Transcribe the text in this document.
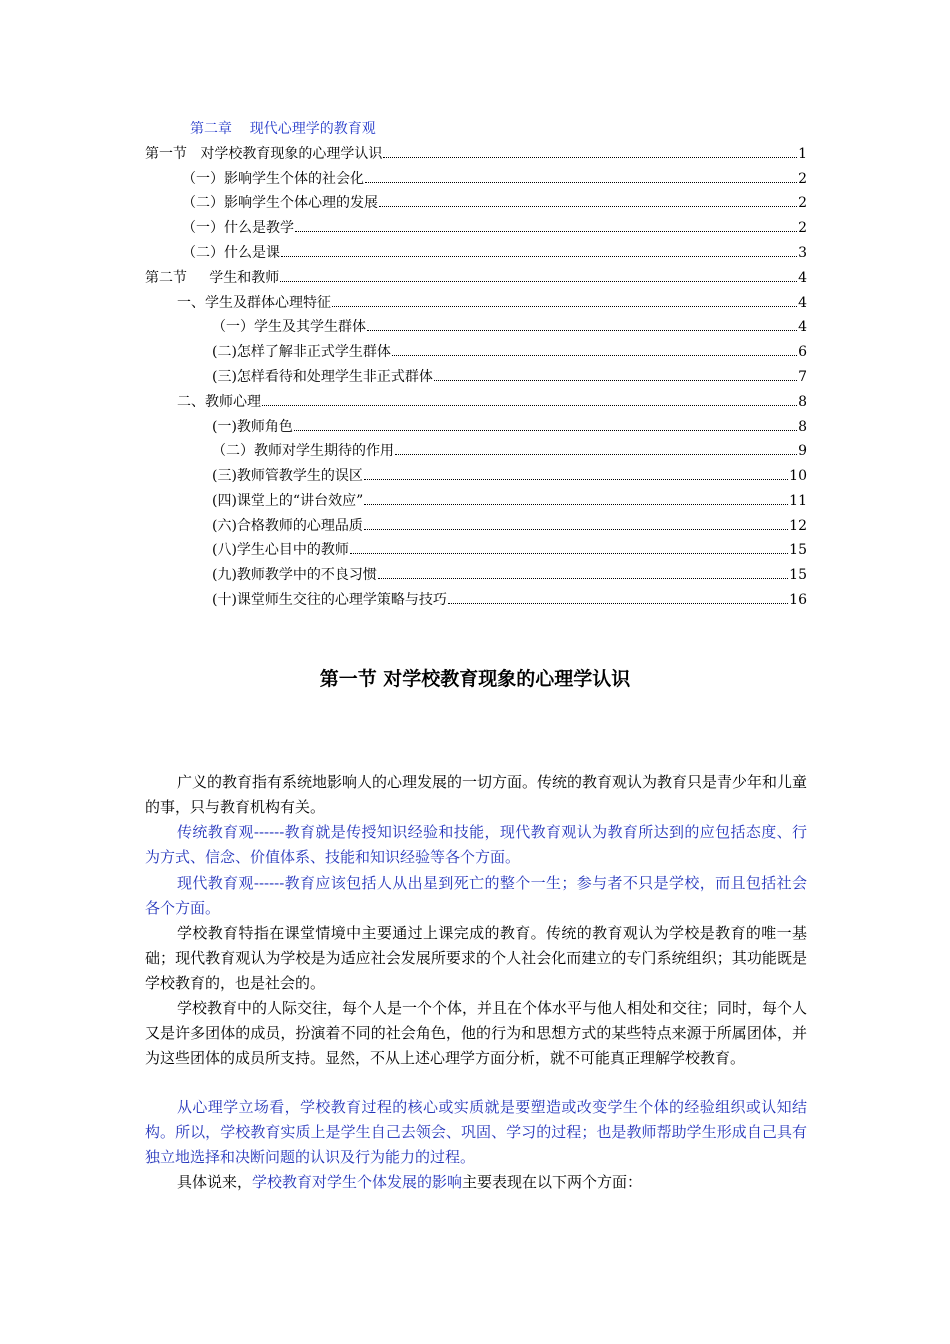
第二章    现代心理学的教育观
第一节   对学校教育现象的心理学认识	1
（一）影响学生个体的社会化	2
（二）影响学生个体心理的发展	2
（一）什么是教学	2
（二）什么是课	3
第二节     学生和教师	4
一、学生及群体心理特征	4
（一）学生及其学生群体	4
(二)怎样了解非正式学生群体	6
(三)怎样看待和处理学生非正式群体	7
二、教师心理	8
(一)教师角色	8
（二）教师对学生期待的作用	9
(三)教师管教学生的误区	10
(四)课堂上的“讲台效应”	11
(六)合格教师的心理品质	12
(八)学生心目中的教师	15
(九)教师教学中的不良习惯	15
(十)课堂师生交往的心理学策略与技巧	16
第一节 对学校教育现象的心理学认识
广义的教育指有系统地影响人的心理发展的一切方面。传统的教育观认为教育只是青少年和儿童的事，只与教育机构有关。
传统教育观------教育就是传授知识经验和技能，现代教育观认为教育所达到的应包括态度、行为方式、信念、价值体系、技能和知识经验等各个方面。
现代教育观------教育应该包括人从出星到死亡的整个一生；参与者不只是学校，而且包括社会各个方面。
学校教育特指在课堂情境中主要通过上课完成的教育。传统的教育观认为学校是教育的唯一基础；现代教育观认为学校是为适应社会发展所要求的个人社会化而建立的专门系统组织；其功能既是学校教育的，也是社会的。
学校教育中的人际交往，每个人是一个个体，并且在个体水平与他人相处和交往；同时，每个人又是许多团体的成员，扮演着不同的社会角色，他的行为和思想方式的某些特点来源于所属团体，并为这些团体的成员所支持。显然，不从上述心理学方面分析，就不可能真正理解学校教育。
从心理学立场看，学校教育过程的核心或实质就是要塑造或改变学生个体的经验组织或认知结构。所以，学校教育实质上是学生自己去领会、巩固、学习的过程；也是教师帮助学生形成自己具有独立地选择和决断问题的认识及行为能力的过程。
具体说来，学校教育对学生个体发展的影响主要表现在以下两个方面：
